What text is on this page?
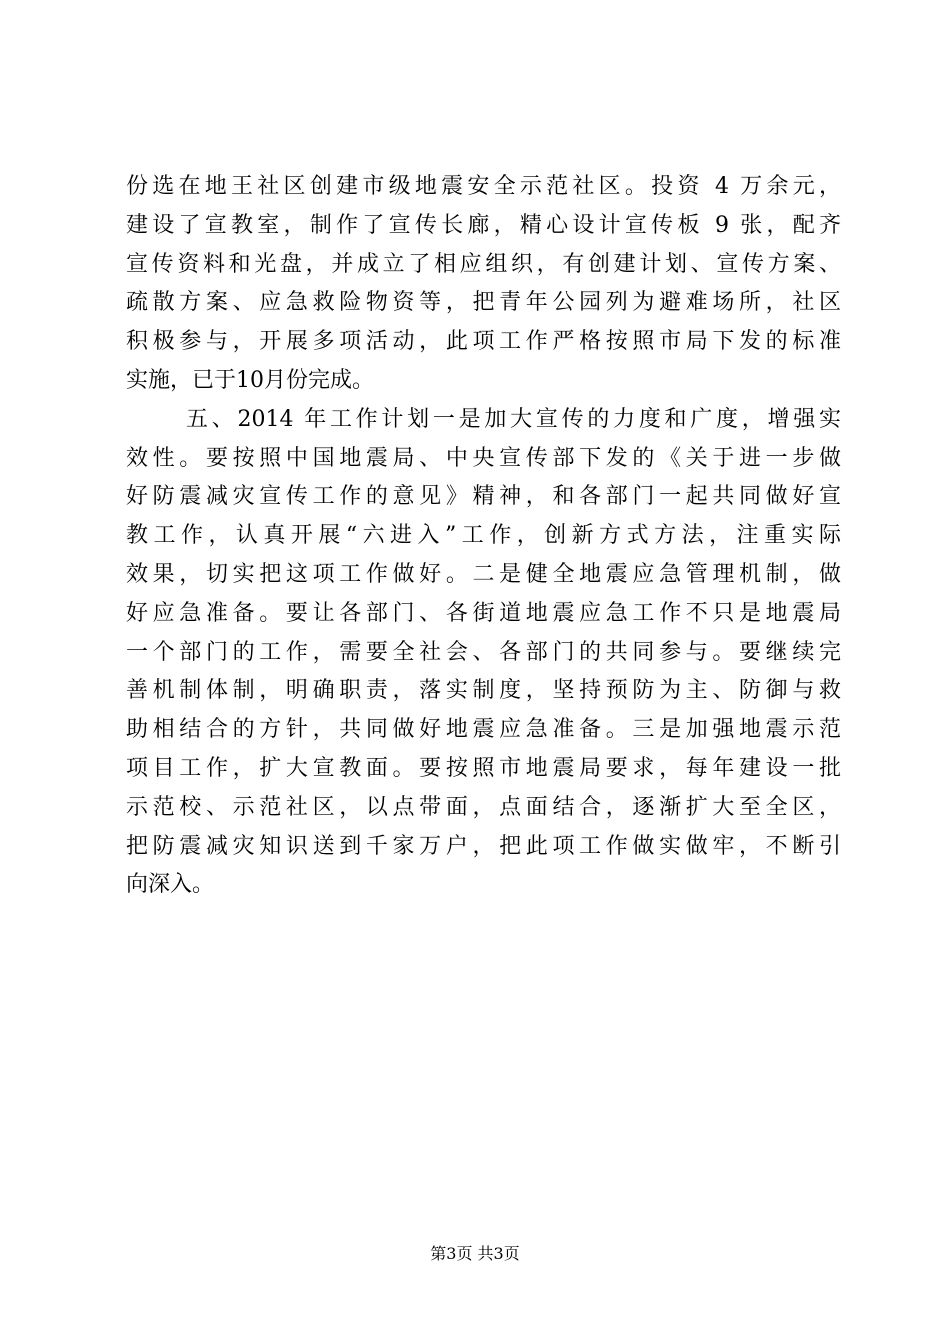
份选在地王社区创建市级地震安全示范社区。投资 4 万余元，
建设了宣教室，制作了宣传长廊，精心设计宣传板 9 张，配齐
宣传资料和光盘，并成立了相应组织，有创建计划、宣传方案、
疏散方案、应急救险物资等，把青年公园列为避难场所，社区
积极参与，开展多项活动，此项工作严格按照市局下发的标准
实施，已于10月份完成。
五、2014 年工作计划一是加大宣传的力度和广度，增强实
效性。要按照中国地震局、中央宣传部下发的《关于进一步做
好防震减灾宣传工作的意见》精神，和各部门一起共同做好宣
教工作，认真开展“六进入”工作，创新方式方法，注重实际
效果，切实把这项工作做好。二是健全地震应急管理机制，做
好应急准备。要让各部门、各街道地震应急工作不只是地震局
一个部门的工作，需要全社会、各部门的共同参与。要继续完
善机制体制，明确职责，落实制度，坚持预防为主、防御与救
助相结合的方针，共同做好地震应急准备。三是加强地震示范
项目工作，扩大宣教面。要按照市地震局要求，每年建设一批
示范校、示范社区，以点带面，点面结合，逐渐扩大至全区，
把防震减灾知识送到千家万户，把此项工作做实做牢，不断引
向深入。
第3页 共3页
